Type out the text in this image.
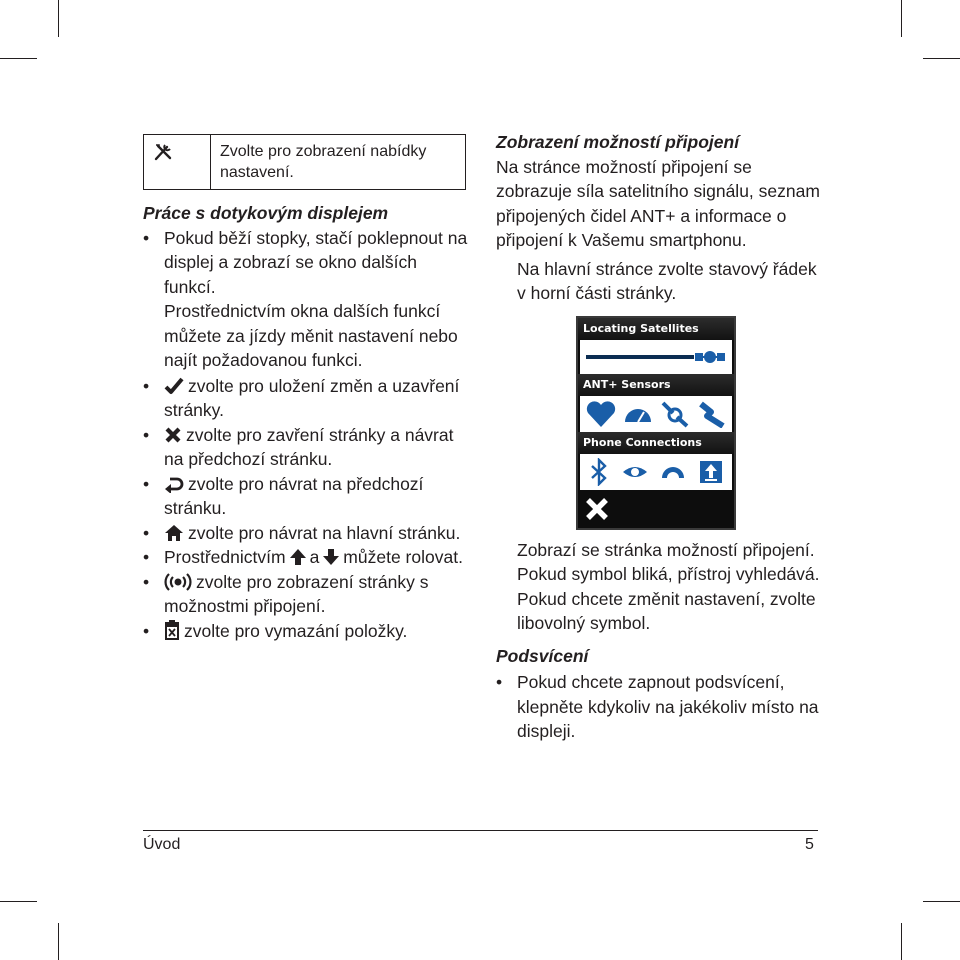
	Zvolte pro zobrazení nabídky nastavení.
Práce s dotykovým displejem
• Pokud běží stopky, stačí poklepnout na displej a zobrazí se okno dalších funkcí.
Prostřednictvím okna dalších funkcí můžete za jízdy měnit nastavení nebo najít požadovanou funkci.
• zvolte pro uložení změn a uzavření stránky.
• zvolte pro zavření stránky a návrat na předchozí stránku.
• zvolte pro návrat na předchozí stránku.
• zvolte pro návrat na hlavní stránku.
• Prostřednictvím a můžete rolovat.
•	zvolte pro zobrazení stránky s možnostmi připojení.
• zvolte pro vymazání položky.
Zobrazení možností připojení

Na stránce možností připojení se zobrazuje síla satelitního signálu, seznam připojených čidel ANT+ a informace o připojení k Vašemu smartphonu.

Na hlavní stránce zvolte stavový řádek v horní části stránky.

Locating Satellites
ANT+ Sensors
Phone Connections

Zobrazí se stránka možností připojení. Pokud symbol bliká, přístroj vyhledává. Pokud chcete změnit nastavení, zvolte libovolný symbol.

Podsvícení
• Pokud chcete zapnout podsvícení, klepněte kdykoliv na jakékoliv místo na displeji.
Úvod	5
